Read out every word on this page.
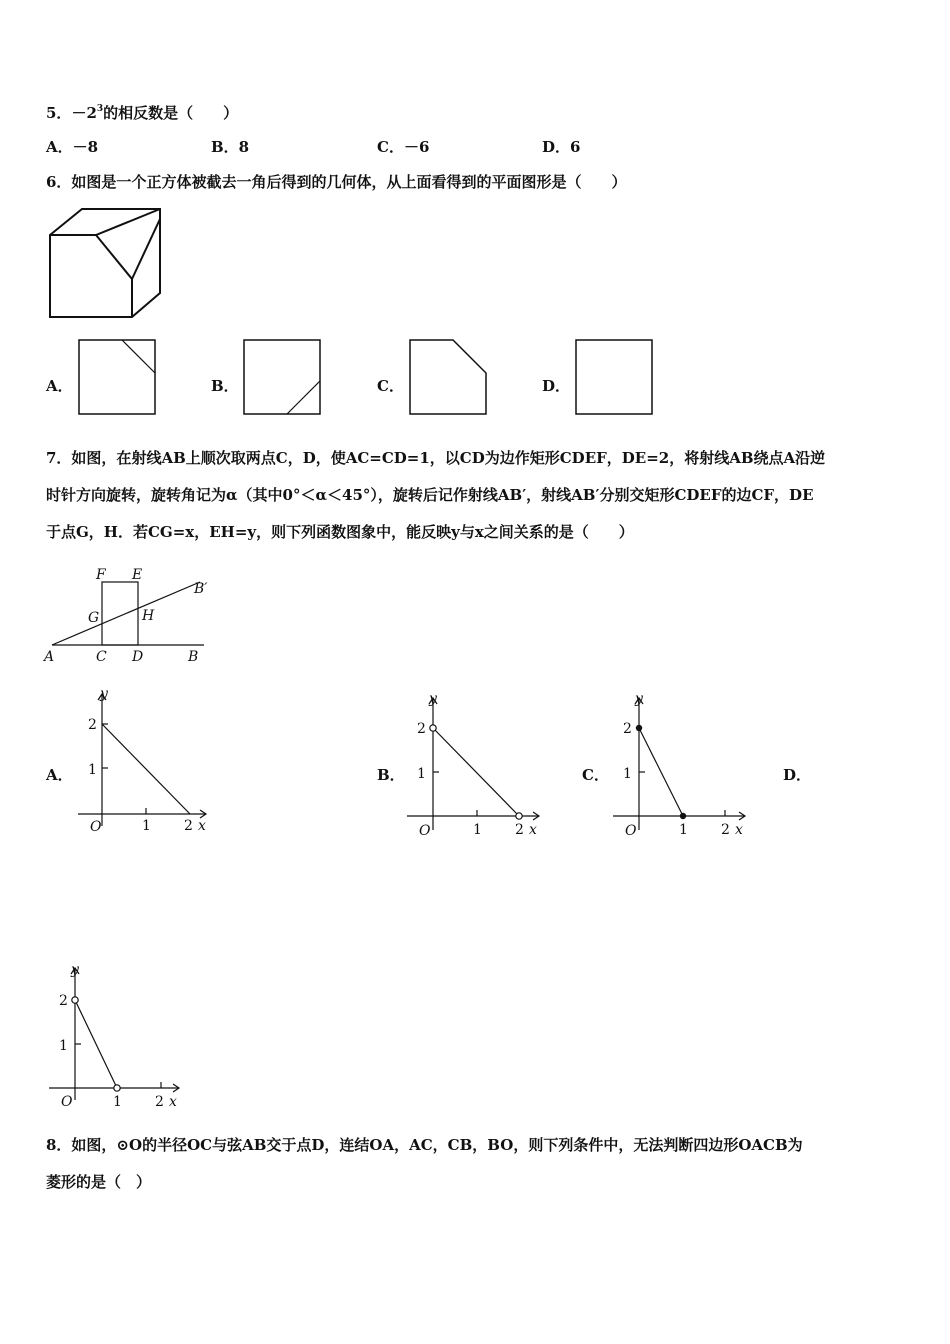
5．$-2^3$的相反数是（　　）
A．－8	B．8	C．－6	D．6
6．如图是一个正方体被截去一角后得到的几何体，从上面看得到的平面图形是（　　）
A．	B．	C．	D．
7．如图，在射线AB上顺次取两点C，D，使AC=CD=1，以CD为边作矩形CDEF，DE=2，将射线AB绕点A沿逆
时针方向旋转，旋转角记为α（其中0°＜α＜45°），旋转后记作射线AB′，射线AB′分别交矩形CDEF的边CF，DE
于点G，H．若CG=x，EH=y，则下列函数图象中，能反映y与x之间关系的是（　　）
F E
B′
G	H
A	C D	B
A．	B．	C．	D．
y
2
1
O	1 2 x
y
2
1
O	1 2 x
y
2
1
O	1 2 x
y
2
1
O	1 2 x
8．如图，⊙O的半径OC与弦AB交于点D，连结OA，AC，CB，BO，则下列条件中，无法判断四边形OACB为
菱形的是（　）
